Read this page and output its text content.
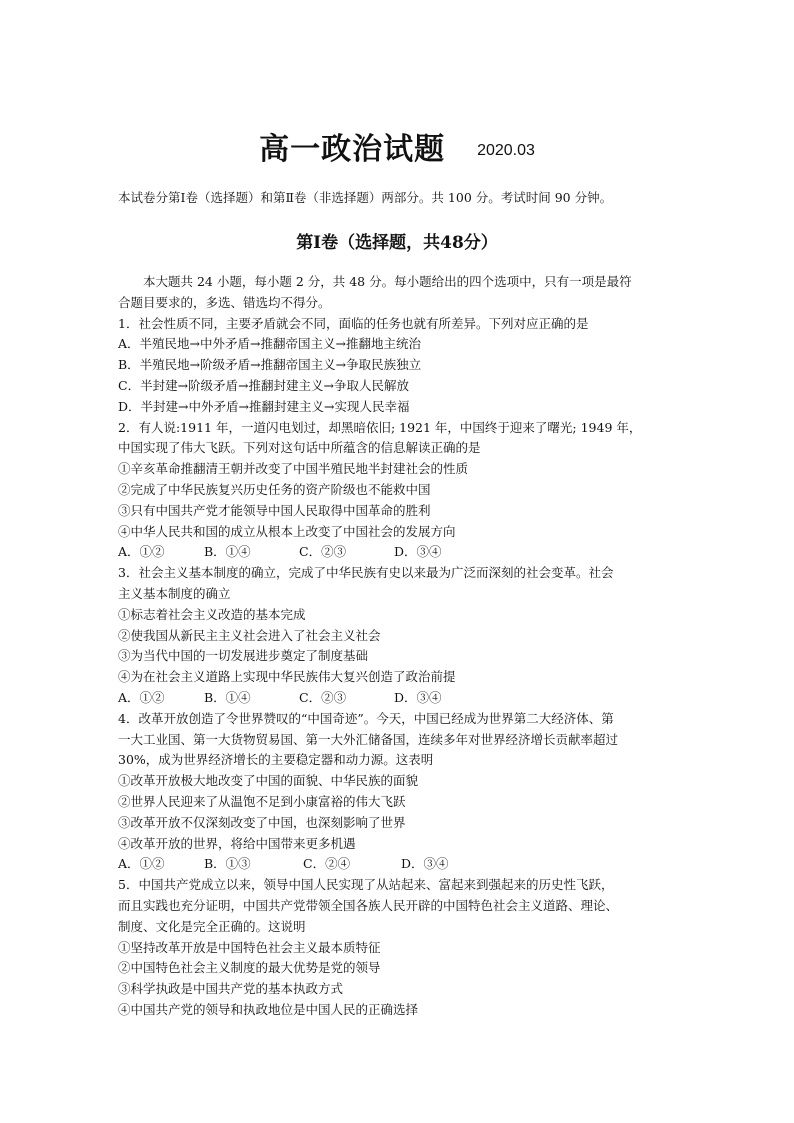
高一政治试题 2020.03
本试卷分第Ⅰ卷（选择题）和第Ⅱ卷（非选择题）两部分。共 100 分。考试时间 90 分钟。
第Ⅰ卷（选择题，共48分）
本大题共 24 小题，每小题 2 分，共 48 分。每小题给出的四个选项中，只有一项是最符
合题目要求的，多选、错选均不得分。
1．社会性质不同，主要矛盾就会不同，面临的任务也就有所差异。下列对应正确的是
A．半殖民地→中外矛盾→推翻帝国主义→推翻地主统治
B．半殖民地→阶级矛盾→推翻帝国主义→争取民族独立
C．半封建→阶级矛盾→推翻封建主义→争取人民解放
D．半封建→中外矛盾→推翻封建主义→实现人民幸福
2．有人说:1911 年，一道闪电划过，却黑暗依旧; 1921 年，中国终于迎来了曙光; 1949 年，
中国实现了伟大飞跃。下列对这句话中所蕴含的信息解读正确的是
①辛亥革命推翻清王朝并改变了中国半殖民地半封建社会的性质
②完成了中华民族复兴历史任务的资产阶级也不能救中国
③只有中国共产党才能领导中国人民取得中国革命的胜利
④中华人民共和国的成立从根本上改变了中国社会的发展方向
A．①②	B．①④	C．②③	D．③④
3．社会主义基本制度的确立，完成了中华民族有史以来最为广泛而深刻的社会变革。社会
主义基本制度的确立
①标志着社会主义改造的基本完成
②使我国从新民主主义社会进入了社会主义社会
③为当代中国的一切发展进步奠定了制度基础
④为在社会主义道路上实现中华民族伟大复兴创造了政治前提
A．①②	B．①④	C．②③	D．③④
4．改革开放创造了令世界赞叹的“中国奇迹”。今天，中国已经成为世界第二大经济体、第
一大工业国、第一大货物贸易国、第一大外汇储备国，连续多年对世界经济增长贡献率超过
30%，成为世界经济增长的主要稳定器和动力源。这表明
①改革开放极大地改变了中国的面貌、中华民族的面貌
②世界人民迎来了从温饱不足到小康富裕的伟大飞跃
③改革开放不仅深刻改变了中国，也深刻影响了世界
④改革开放的世界，将给中国带来更多机遇
A．①②	B．①③	C．②④	D．③④
5．中国共产党成立以来，领导中国人民实现了从站起来、富起来到强起来的历史性飞跃，
而且实践也充分证明，中国共产党带领全国各族人民开辟的中国特色社会主义道路、理论、
制度、文化是完全正确的。这说明
①坚持改革开放是中国特色社会主义最本质特征
②中国特色社会主义制度的最大优势是党的领导
③科学执政是中国共产党的基本执政方式
④中国共产党的领导和执政地位是中国人民的正确选择
